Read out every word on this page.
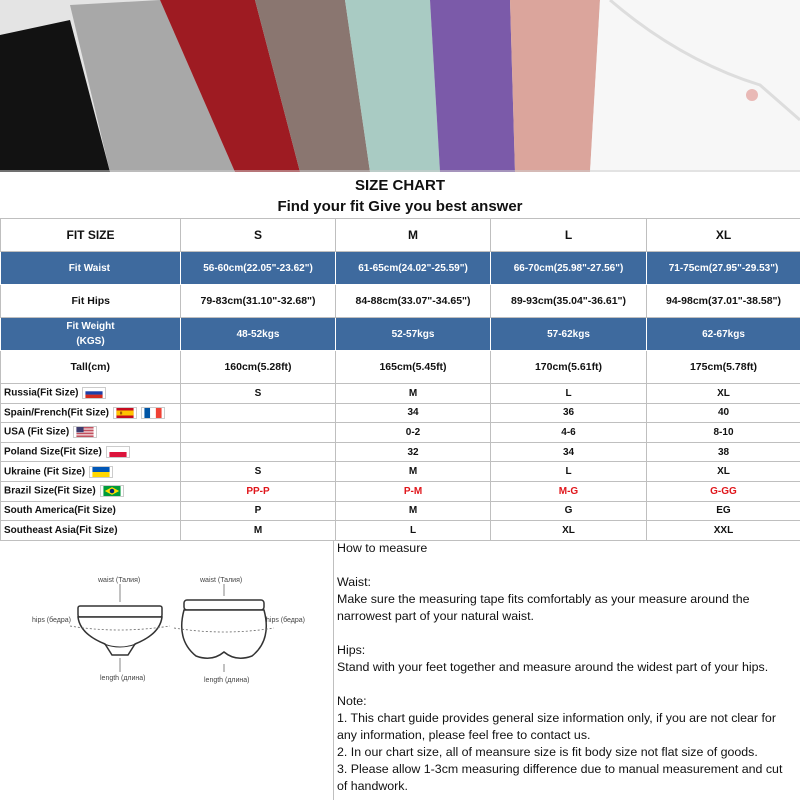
SIZE CHART
Find your fit Give you best answer
FIT SIZE	S	M	L	XL
Fit Waist	56-60cm(22.05"-23.62")	61-65cm(24.02"-25.59")	66-70cm(25.98"-27.56")	71-75cm(27.95"-29.53")
Fit Hips	79-83cm(31.10"-32.68")	84-88cm(33.07"-34.65")	89-93cm(35.04"-36.61")	94-98cm(37.01"-38.58")

Fit Weight
(KGS)	48-52kgs	52-57kgs	57-62kgs	62-67kgs
Tall(cm)	160cm(5.28ft)	165cm(5.45ft)	170cm(5.61ft)	175cm(5.78ft)
Russia(Fit Size)	S	M	L	XL
Spain/French(Fit Size)		34	36	40
USA (Fit Size)		0-2	4-6	8-10
Poland Size(Fit Size)		32	34	38
Ukraine (Fit Size)	S	M	L	XL
Brazil Size(Fit Size)	PP-P	P-M	M-G	G-GG
South America(Fit Size)	P	M	G	EG
Southeast Asia(Fit Size)	M	L	XL	XXL
waist (Талия)	waist (Талия)
hips (бедра)	hips (бедра)
length (длина)	length (длина)
How to measure
Waist:
Make sure the measuring tape fits comfortably as your measure around the
narrowest part of your natural waist.
Hips:
Stand with your feet together and measure around the widest part of your hips.
Note:
1. This chart guide provides general size information only, if you are not clear for
any information, please feel free to contact us.
2. In our chart size, all of meansure size is fit body size not flat size of goods.
3. Please allow 1-3cm measuring difference due to manual measurement and cut
of handwork.
